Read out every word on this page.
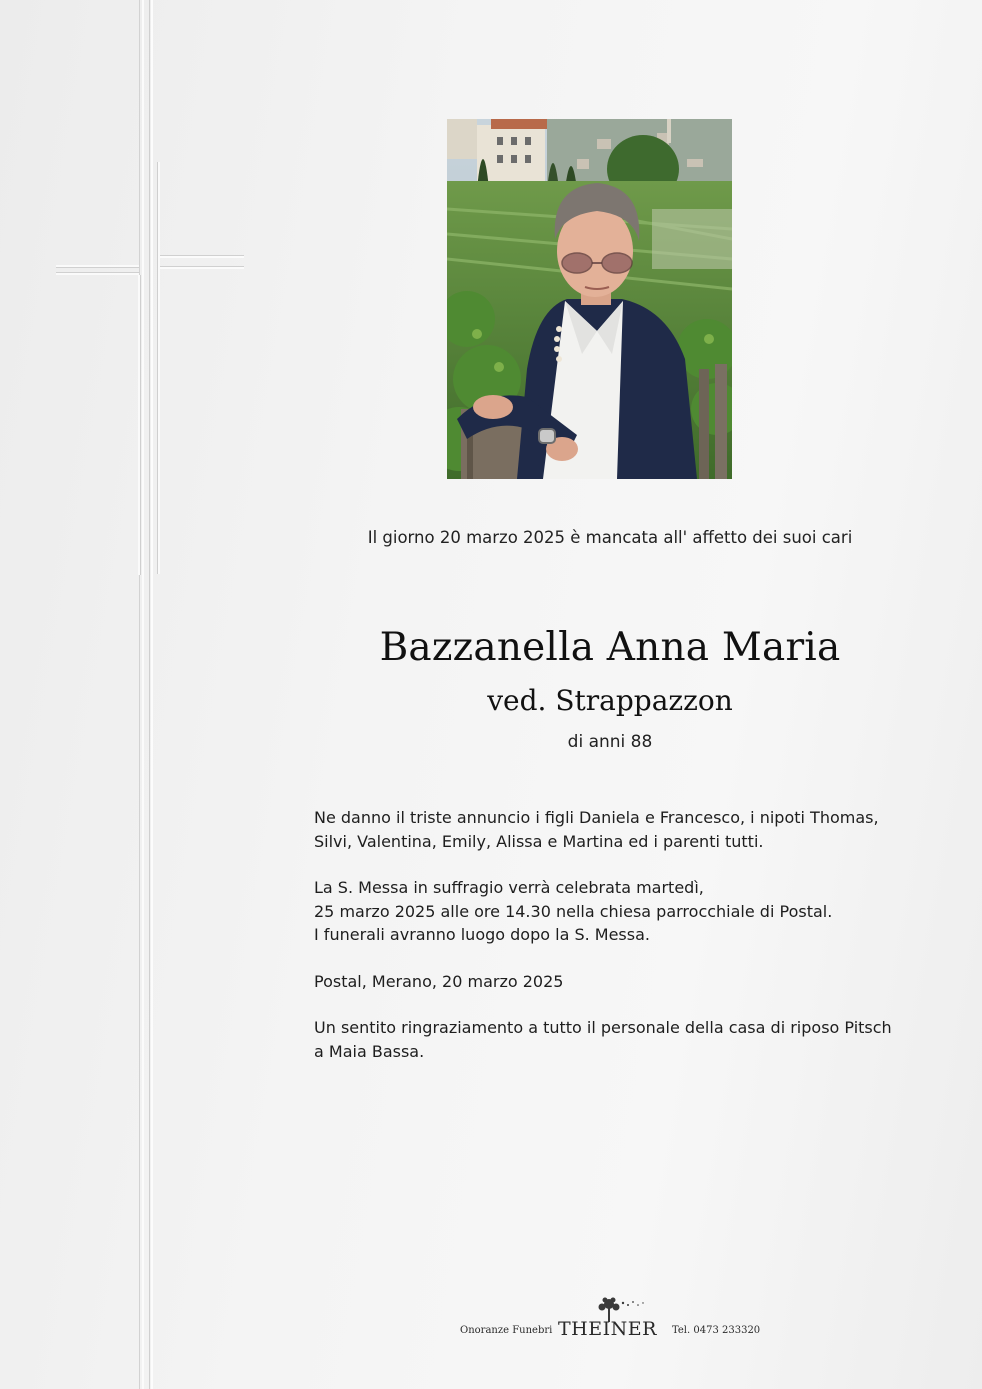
Il giorno 20 marzo 2025 è mancata all' affetto dei suoi cari
Bazzanella Anna Maria
ved. Strappazzon
di anni 88

Ne danno il triste annuncio i figli Daniela e Francesco, i nipoti Thomas,
Silvi, Valentina, Emily, Alissa e Martina ed i parenti tutti.

La S. Messa in suffragio verrà celebrata martedì,
25 marzo 2025 alle ore 14.30 nella chiesa parrocchiale di Postal.
I funerali avranno luogo dopo la S. Messa.

Postal, Merano, 20 marzo 2025

Un sentito ringraziamento a tutto il personale della casa di riposo Pitsch
a Maia Bassa.

Onoranze Funebri THEINER Tel. 0473 233320
